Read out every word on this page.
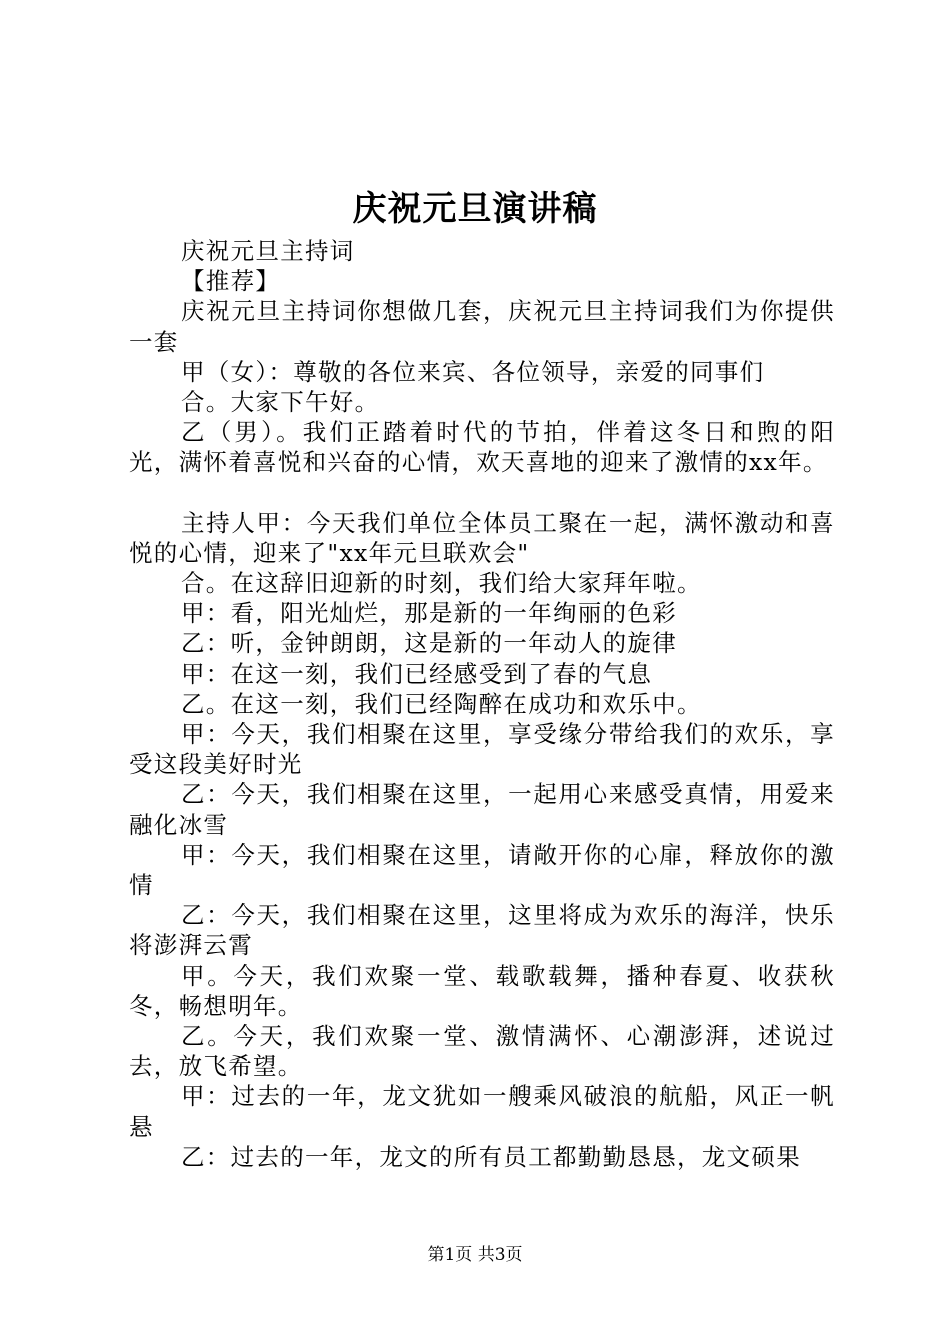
庆祝元旦演讲稿

庆祝元旦主持词

【推荐】

庆祝元旦主持词你想做几套，庆祝元旦主持词我们为你提供一套

甲（女）：尊敬的各位来宾、各位领导，亲爱的同事们

合。大家下午好。

乙（男）。我们正踏着时代的节拍，伴着这冬日和煦的阳光，满怀着喜悦和兴奋的心情，欢天喜地的迎来了激情的xx年。

主持人甲：今天我们单位全体员工聚在一起，满怀激动和喜悦的心情，迎来了"xx年元旦联欢会"

合。在这辞旧迎新的时刻，我们给大家拜年啦。

甲：看，阳光灿烂，那是新的一年绚丽的色彩

乙：听，金钟朗朗，这是新的一年动人的旋律

甲：在这一刻，我们已经感受到了春的气息

乙。在这一刻，我们已经陶醉在成功和欢乐中。

甲：今天，我们相聚在这里，享受缘分带给我们的欢乐，享受这段美好时光

乙：今天，我们相聚在这里，一起用心来感受真情，用爱来融化冰雪

甲：今天，我们相聚在这里，请敞开你的心扉，释放你的激情

乙：今天，我们相聚在这里，这里将成为欢乐的海洋，快乐将澎湃云霄

甲。今天，我们欢聚一堂、载歌载舞，播种春夏、收获秋冬，畅想明年。

乙。今天，我们欢聚一堂、激情满怀、心潮澎湃，述说过去，放飞希望。

甲：过去的一年，龙文犹如一艘乘风破浪的航船，风正一帆悬

乙：过去的一年，龙文的所有员工都勤勤恳恳，龙文硕果

第1页 共3页
